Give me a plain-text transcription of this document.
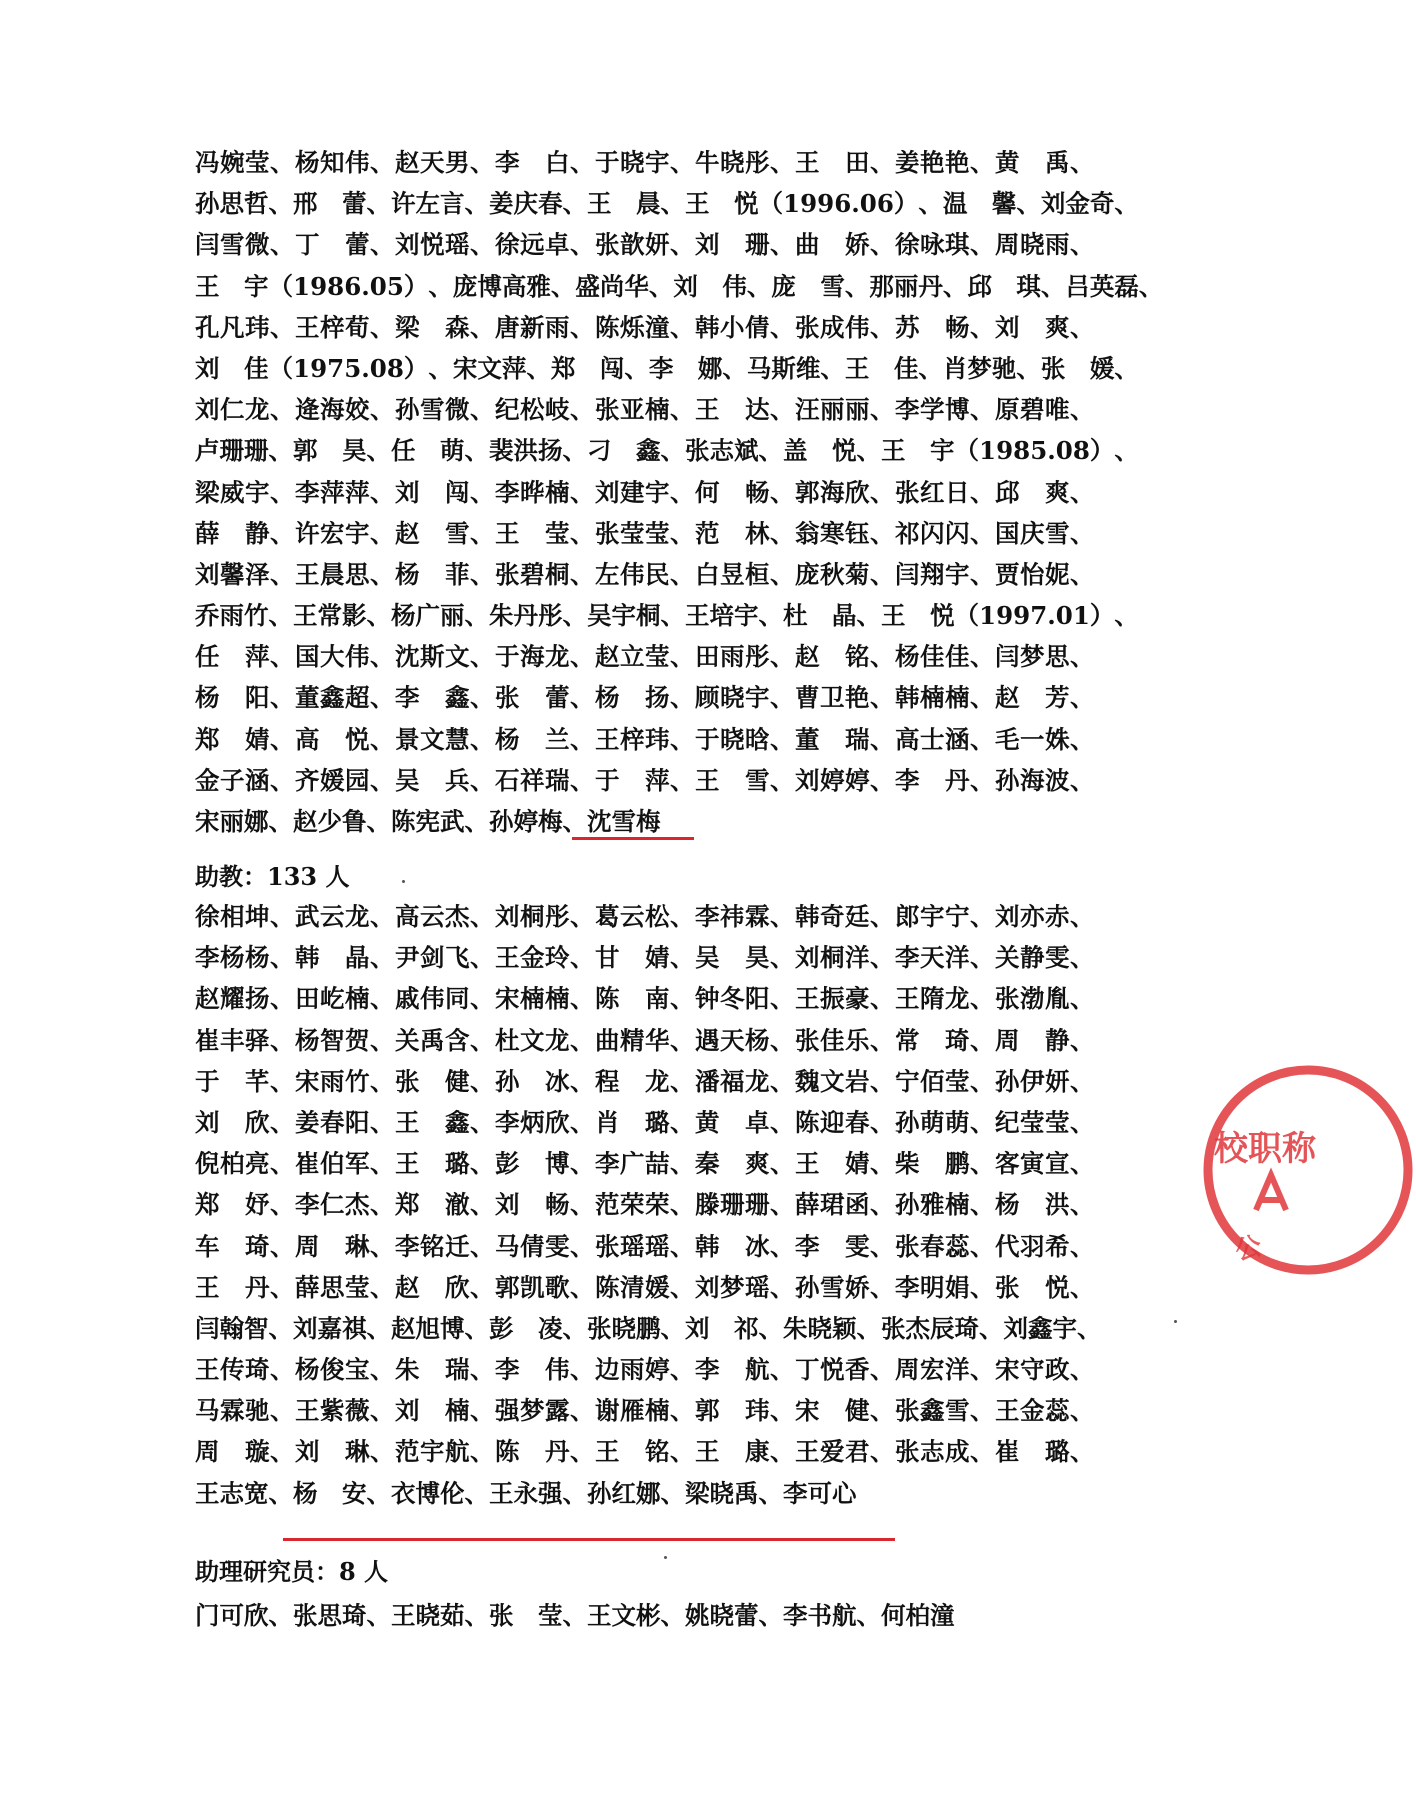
冯 婉 莹 、 杨 知 伟 、 赵 天 男 、 李
　 白 、 于 晓 宇 、 牛 晓 彤 、 王
　 田 、 姜 艳 艳 、 黄
　 禹 、
孙 思 哲 、 邢
　 蕾 、 许 左 言 、 姜 庆 春 、 王
　 晨 、 王
　 悦 （ 1 9 9 6 . 0 6 ） 、 温
　 馨 、 刘 金 奇 、
闫 雪 微 、 丁
　 蕾 、 刘 悦 瑶 、 徐 远 卓 、 张 歆 妍 、 刘
　 珊 、 曲
　 娇 、 徐 咏 琪 、 周 晓 雨 、
王
　 宇 （ 1 9 8 6 . 0 5 ） 、 庞 博 高 雅 、 盛 尚 华 、 刘
　 伟 、 庞
　 雪 、 那 丽 丹 、 邱
　 琪 、 吕 英 磊 、
孔 凡 玮 、 王 梓 荀 、 梁
　 森 、 唐 新 雨 、 陈 烁 潼 、 韩 小 倩 、 张 成 伟 、 苏
　 畅 、 刘
　 爽 、
刘
　 佳 （ 1 9 7 5 . 0 8 ） 、 宋 文 萍 、 郑
　 闯 、 李
　 娜 、 马 斯 维 、 王
　 佳 、 肖 梦 驰 、 张
　 媛 、
刘 仁 龙 、 逄 海 姣 、 孙 雪 微 、 纪 松 岐 、 张 亚 楠 、 王
　 达 、 汪 丽 丽 、 李 学 博 、 原 碧 唯 、
卢 珊 珊 、 郭
　 昊 、 任
　 萌 、 裴 洪 扬 、 刁
　 鑫 、 张 志 斌 、 盖
　 悦 、 王
　 宇 （ 1 9 8 5 . 0 8 ） 、
梁 威 宇 、 李 萍 萍 、 刘
　 闯 、 李 晔 楠 、 刘 建 宇 、 何
　 畅 、 郭 海 欣 、 张 红 日 、 邱
　 爽 、
薛
　 静 、 许 宏 宇 、 赵
　 雪 、 王
　 莹 、 张 莹 莹 、 范
　 林 、 翁 寒 钰 、 祁 闪 闪 、 国 庆 雪 、
刘 馨 泽 、 王 晨 思 、 杨
　 菲 、 张 碧 桐 、 左 伟 民 、 白 昱 桓 、 庞 秋 菊 、 闫 翔 宇 、 贾 怡 妮 、
乔 雨 竹 、 王 常 影 、 杨 广 丽 、 朱 丹 彤 、 吴 宇 桐 、 王 培 宇 、 杜
　 晶 、 王
　 悦 （ 1 9 9 7 . 0 1 ） 、
任
　 萍 、 国 大 伟 、 沈 斯 文 、 于 海 龙 、 赵 立 莹 、 田 雨 彤 、 赵
　 铭 、 杨 佳 佳 、 闫 梦 思 、
杨
　 阳 、 董 鑫 超 、 李
　 鑫 、 张
　 蕾 、 杨
　 扬 、 顾 晓 宇 、 曹 卫 艳 、 韩 楠 楠 、 赵
　 芳 、
郑
　 婧 、 高
　 悦 、 景 文 慧 、 杨
　 兰 、 王 梓 玮 、 于 晓 晗 、 董
　 瑞 、 高 士 涵 、 毛 一 姝 、
金 子 涵 、 齐 媛 园 、 吴
　 兵 、 石 祥 瑞 、 于
　 萍 、 王
　 雪 、 刘 婷 婷 、 李
　 丹 、 孙 海 波 、
宋丽娜、赵少鲁、陈宪武、孙婷梅、沈雪梅
助教：133 人
徐 相 坤 、 武 云 龙 、 高 云 杰 、 刘 桐 彤 、 葛 云 松 、 李 祎 霖 、 韩 奇 廷 、 郎 宇 宁 、 刘 亦 赤 、
李 杨 杨 、 韩
　 晶 、 尹 剑 飞 、 王 金 玲 、 甘
　 婧 、 吴
　 昊 、 刘 桐 洋 、 李 天 洋 、 关 静 雯 、
赵 耀 扬 、 田 屹 楠 、 戚 伟 同 、 宋 楠 楠 、 陈
　 南 、 钟 冬 阳 、 王 振 豪 、 王 隋 龙 、 张 渤 胤 、
崔 丰 驿 、 杨 智 贺 、 关 禹 含 、 杜 文 龙 、 曲 精 华 、 遇 天 杨 、 张 佳 乐 、 常
　 琦 、 周
　 静 、
于
　 芊 、 宋 雨 竹 、 张
　 健 、 孙
　 冰 、 程
　 龙 、 潘 福 龙 、 魏 文 岩 、 宁 佰 莹 、 孙 伊 妍 、
刘
　 欣 、 姜 春 阳 、 王
　 鑫 、 李 炳 欣 、 肖
　 璐 、 黄
　 卓 、 陈 迎 春 、 孙 萌 萌 、 纪 莹 莹 、
倪 柏 亮 、 崔 伯 军 、 王
　 璐 、 彭
　 博 、 李 广 喆 、 秦
　 爽 、 王
　 婧 、 柴
　 鹏 、 客 寅 宣 、
郑
　 妤 、 李 仁 杰 、 郑
　 澈 、 刘
　 畅 、 范 荣 荣 、 滕 珊 珊 、 薛 珺 函 、 孙 雅 楠 、 杨
　 洪 、
车
　 琦 、 周
　 琳 、 李 铭 迁 、 马 倩 雯 、 张 瑶 瑶 、 韩
　 冰 、 李
　 雯 、 张 春 蕊 、 代 羽 希 、
王
　 丹 、 薛 思 莹 、 赵
　 欣 、 郭 凯 歌 、 陈 清 媛 、 刘 梦 瑶 、 孙 雪 娇 、 李 明 娟 、 张
　 悦 、
闫 翰 智 、 刘 嘉 祺 、 赵 旭 博 、 彭
　 凌 、 张 晓 鹏 、 刘
　 祁 、 朱 晓 颖 、 张 杰 辰 琦 、 刘 鑫 宇 、
王 传 琦 、 杨 俊 宝 、 朱
　 瑞 、 李
　 伟 、 边 雨 婷 、 李
　 航 、 丁 悦 香 、 周 宏 洋 、 宋 守 政 、
马 霖 驰 、 王 紫 薇 、 刘
　 楠 、 强 梦 露 、 谢 雁 楠 、 郭
　 玮 、 宋
　 健 、 张 鑫 雪 、 王 金 蕊 、
周
　 璇 、 刘
　 琳 、 范 宇 航 、 陈
　 丹 、 王
　 铭 、 王
　 康 、 王 爱 君 、 张 志 成 、 崔
　 璐 、
王志宽、杨　安、衣博伦、王永强、孙红娜、梁晓禹、李可心
助理研究员：8 人
门可欣、张思琦、王晓茹、张　莹、王文彬、姚晓蕾、李书航、何柏潼
校职称
公
